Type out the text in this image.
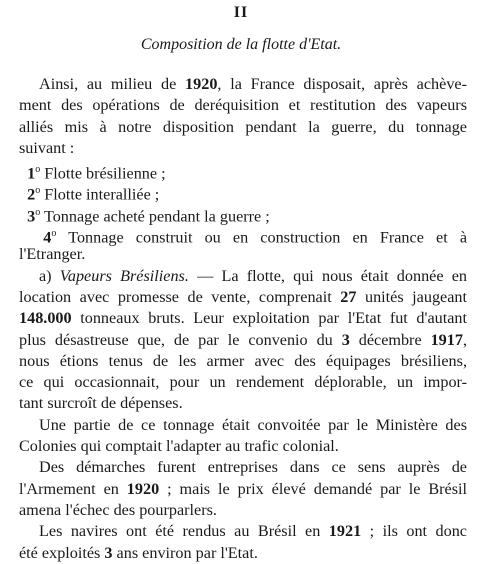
II
Composition de la flotte d'Etat.
Ainsi, au milieu de 1920, la France disposait, après achève-
ment des opérations de deréquisition et restitution des vapeurs
alliés mis à notre disposition pendant la guerre, du tonnage
suivant :
1$^o$ Flotte brésilienne ;
2$^o$ Flotte interalliée ;
3$^o$ Tonnage acheté pendant la guerre ;
4$^o$ Tonnage construit ou en construction en France et à
l'Etranger.
a) Vapeurs Brésiliens. — La flotte, qui nous était donnée en
location avec promesse de vente, comprenait 27 unités jaugeant
148.000 tonneaux bruts. Leur exploitation par l'Etat fut d'autant
plus désastreuse que, de par le convenio du 3 décembre 1917,
nous étions tenus de les armer avec des équipages brésiliens,
ce qui occasionnait, pour un rendement déplorable, un impor-
tant surcroît de dépenses.
Une partie de ce tonnage était convoitée par le Ministère des
Colonies qui comptait l'adapter au trafic colonial.
Des démarches furent entreprises dans ce sens auprès de
l'Armement en 1920 ; mais le prix élevé demandé par le Brésil
amena l'échec des pourparlers.
Les navires ont été rendus au Brésil en 1921 ; ils ont donc
été exploités 3 ans environ par l'Etat.
